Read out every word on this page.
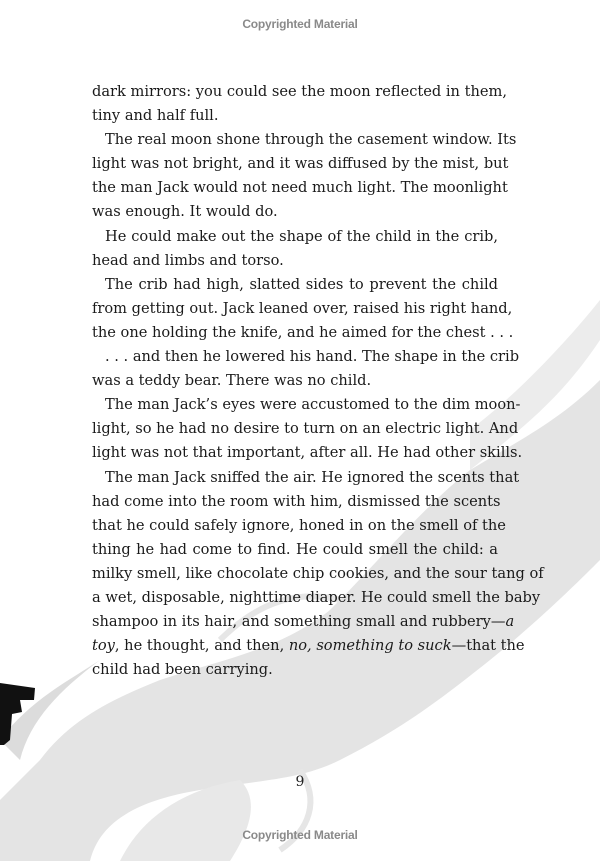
Copyrighted Material
dark mirrors: you could see the moon reflected in them,
tiny and half full.
The real moon shone through the casement window. Its
light was not bright, and it was diffused by the mist, but
the man Jack would not need much light. The moonlight
was enough. It would do.
He could make out the shape of the child in the crib,
head and limbs and torso.
The crib had high, slatted sides to prevent the child
from getting out. Jack leaned over, raised his right hand,
the one holding the knife, and he aimed for the chest . . .
. . . and then he lowered his hand. The shape in the crib
was a teddy bear. There was no child.
The man Jack’s eyes were accustomed to the dim moon-
light, so he had no desire to turn on an electric light. And
light was not that important, after all. He had other skills.
The man Jack sniffed the air. He ignored the scents that
had come into the room with him, dismissed the scents
that he could safely ignore, honed in on the smell of the
thing he had come to find. He could smell the child: a
milky smell, like chocolate chip cookies, and the sour tang of
a wet, disposable, nighttime diaper. He could smell the baby
shampoo in its hair, and something small and rubbery—a
toy, he thought, and then, no, something to suck—that the
child had been carrying.
9
Copyrighted Material
